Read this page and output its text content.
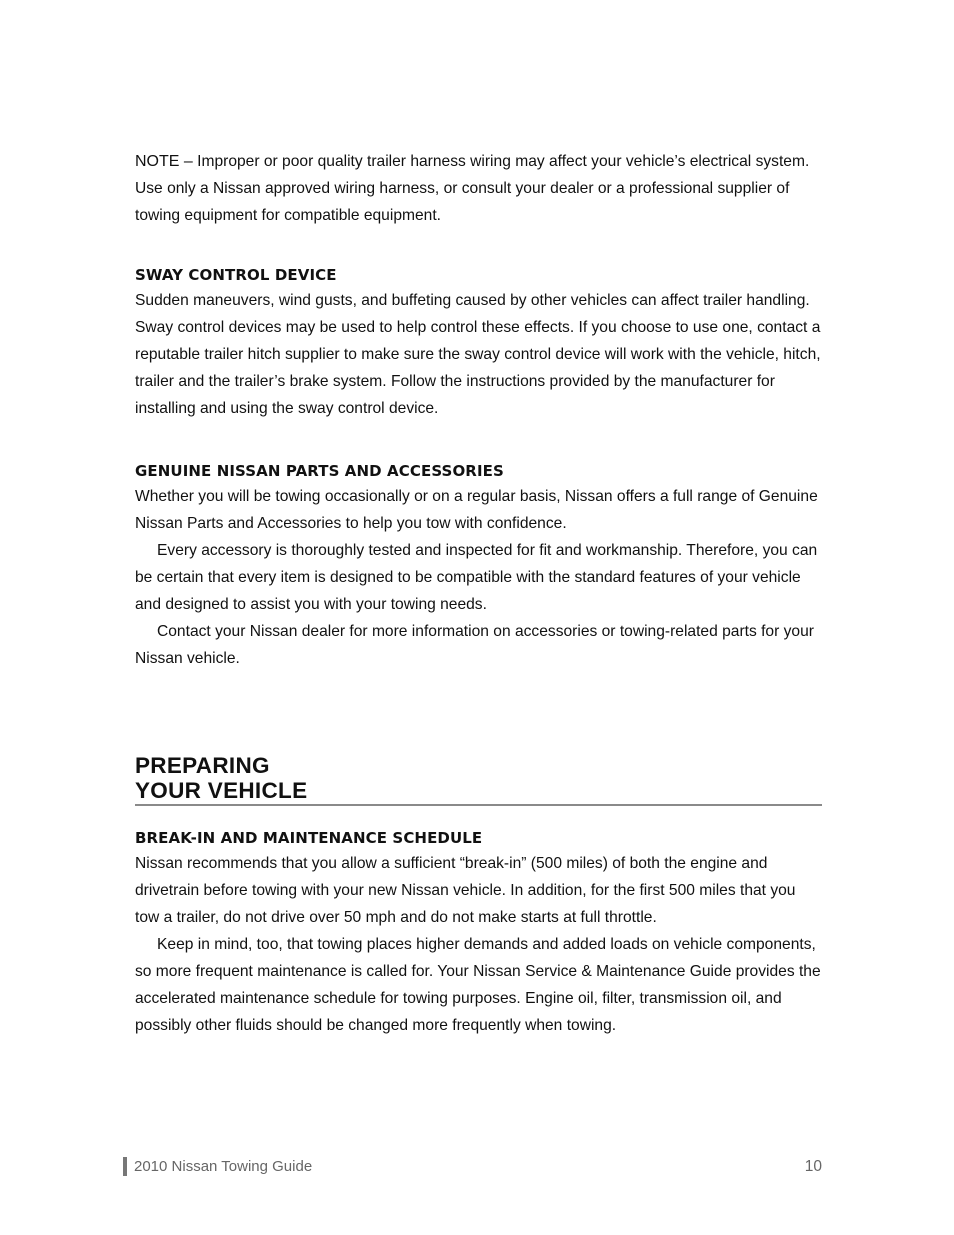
NOTE – Improper or poor quality trailer harness wiring may affect your vehicle’s electrical system. Use only a Nissan approved wiring harness, or consult your dealer or a professional supplier of towing equipment for compatible equipment.

SWAY CONTROL DEVICE

Sudden maneuvers, wind gusts, and buffeting caused by other vehicles can affect trailer handling. Sway control devices may be used to help control these effects. If you choose to use one, contact a reputable trailer hitch supplier to make sure the sway control device will work with the vehicle, hitch, trailer and the trailer’s brake system. Follow the instructions provided by the manufacturer for installing and using the sway control device.

GENUINE NISSAN PARTS AND ACCESSORIES

Whether you will be towing occasionally or on a regular basis, Nissan offers a full range of Genuine Nissan Parts and Accessories to help you tow with confidence.

Every accessory is thoroughly tested and inspected for fit and workmanship. Therefore, you can be certain that every item is designed to be compatible with the standard features of your vehicle and designed to assist you with your towing needs.

Contact your Nissan dealer for more information on accessories or towing-related parts for your Nissan vehicle.

PREPARING
YOUR VEHICLE
BREAK-IN AND MAINTENANCE SCHEDULE

Nissan recommends that you allow a sufficient “break-in” (500 miles) of both the engine and drivetrain before towing with your new Nissan vehicle. In addition, for the first 500 miles that you tow a trailer, do not drive over 50 mph and do not make starts at full throttle.

Keep in mind, too, that towing places higher demands and added loads on vehicle components, so more frequent maintenance is called for. Your Nissan Service & Maintenance Guide provides the accelerated maintenance schedule for towing purposes. Engine oil, filter, transmission oil, and possibly other fluids should be changed more frequently when towing.

2010 Nissan Towing Guide	10
